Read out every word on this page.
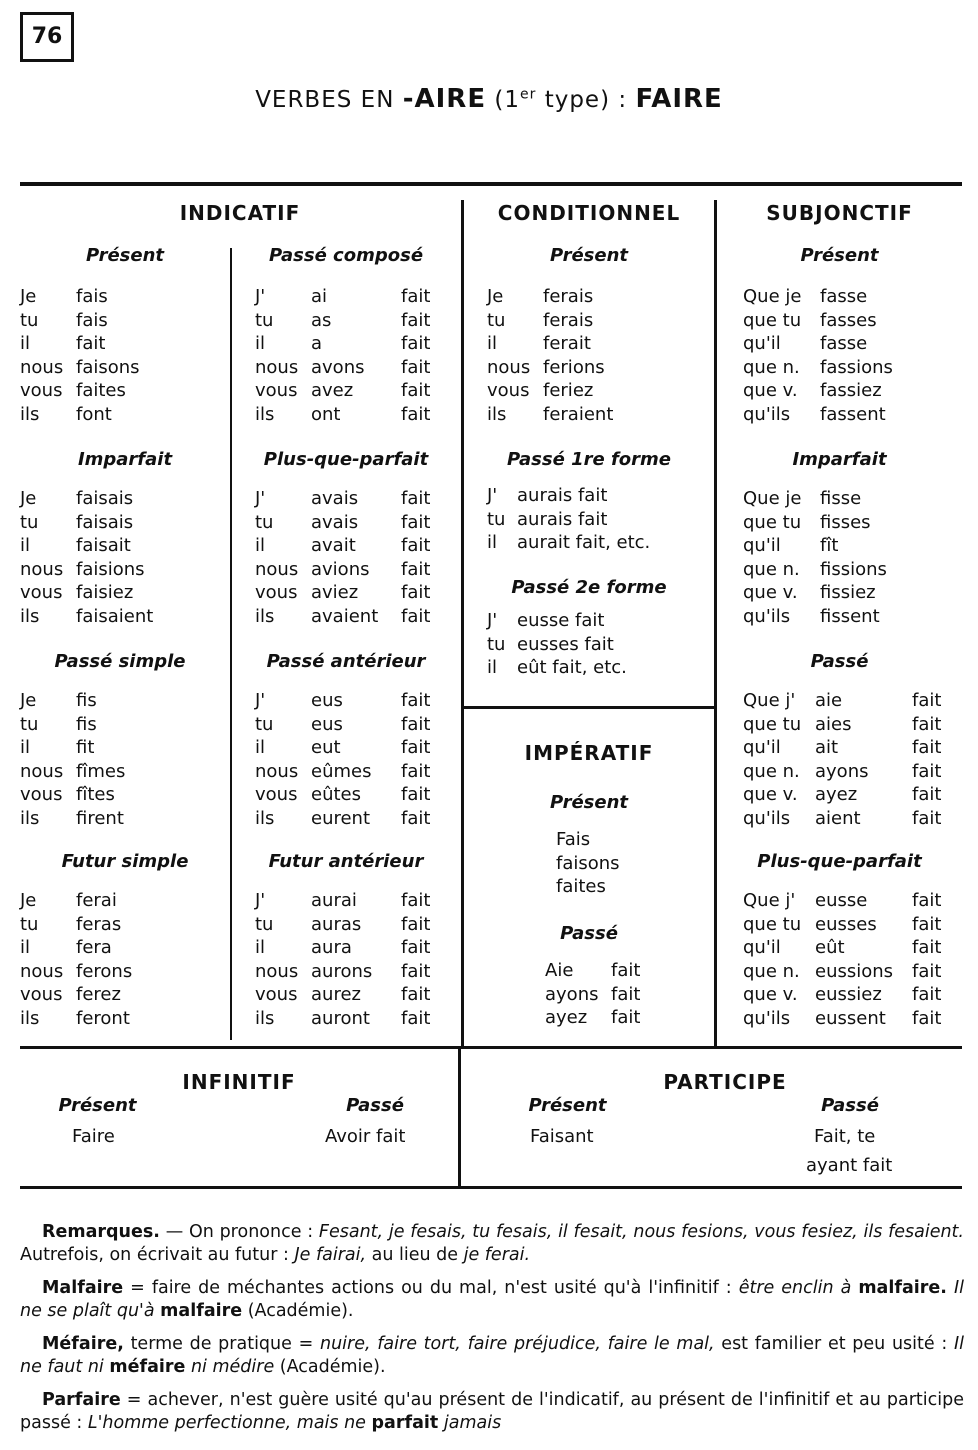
76
VERBES EN -AIRE (1er type) : FAIRE
INDICATIF	CONDITIONNEL	SUBJONCTIF
Présent
Je	fais
tu	fais
il	fait
nous faisons
vous faites
ils	font
Imparfait
Je	faisais
tu	faisais
il	faisait
nous faisions
vous faisiez
ils	faisaient
Passé simple
Je	fis
tu	fis
il	fit
nous fîmes
vous fîtes
ils	firent
Futur simple
Je	ferai
tu	feras
il	fera
nous ferons
vous ferez
ils	feront
Passé composé
J'	ai	fait
tu	as	fait
il	a	fait
nous avons	fait
vous avez	fait
ils	ont	fait
Plus-que-parfait
J'	avais	fait
tu	avais	fait
il	avait	fait
nous avions	fait
vous aviez	fait
ils	avaient	fait
Passé antérieur
J'	eus	fait
tu	eus	fait
il	eut	fait
nous eûmes	fait
vous eûtes	fait
ils	eurent	fait
Futur antérieur
J'	aurai	fait
tu	auras	fait
il	aura	fait
nous aurons	fait
vous aurez	fait
ils	auront	fait
Présent
Je	ferais
tu	ferais
il	ferait
nous ferions
vous feriez
ils	feraient
Passé 1re forme
J'	aurais fait
tu aurais fait
il	aurait fait, etc.
Passé 2e forme
J'	eusse fait
tu eusses fait
il	eût fait, etc.
IMPÉRATIF
Présent
Fais
faisons
faites
Passé
Aie	fait
ayons fait
ayez	fait
Présent
Que je	fasse
que tu	fasses
qu'il	fasse
que n.	fassions
que v.	fassiez
qu'ils	fassent
Imparfait
Que je	fisse
que tu	fisses
qu'il	fît
que n.	fissions
que v.	fissiez
qu'ils	fissent
Passé
Que j'	aie	fait
que tu aies	fait
qu'il	ait	fait
que n. ayons	fait
que v. ayez	fait
qu'ils	aient	fait
Plus-que-parfait
Que j'	eusse	fait
que tu eusses	fait
qu'il	eût	fait
que n. eussions	fait
que v. eussiez	fait
qu'ils	eussent	fait
INFINITIF
Présent
Faire
Passé
Avoir fait
PARTICIPE
Présent
Faisant
Passé
Fait, te
ayant fait
Remarques. — On prononce : Fesant, je fesais, tu fesais, il fesait, nous fesions, vous fesiez, ils fesaient. Autrefois, on écrivait au futur : Je fairai, au lieu de je ferai.
Malfaire = faire de méchantes actions ou du mal, n'est usité qu'à l'infinitif : être enclin à malfaire. Il ne se plaît qu'à malfaire (Académie).
Méfaire, terme de pratique = nuire, faire tort, faire préjudice, faire le mal, est familier et peu usité : Il ne faut ni méfaire ni médire (Académie).
Parfaire = achever, n'est guère usité qu'au présent de l'indicatif, au présent de l'infinitif et au participe passé : L'homme perfectionne, mais ne parfait jamais
